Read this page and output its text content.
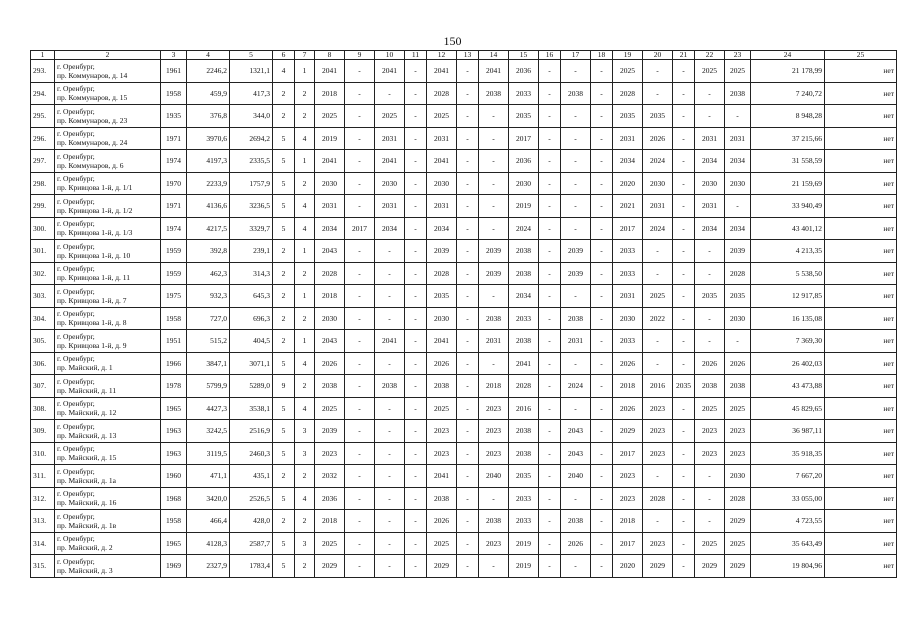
150
1	2	3	4	5	6	7	8	9	10	11	12	13	14	15	16	17	18	19	20	21	22	23	24	25
293.	г. Оренбург,
пр. Коммунаров, д. 14	1961	2246,2	1321,1	4	1	2041	-	2041	-	2041	-	2041	2036	-	-	-	2025	-	-	2025	2025	21 178,99	нет
294.	г. Оренбург,
пр. Коммунаров, д. 15	1958	459,9	417,3	2	2	2018	-	-	-	2028	-	2038	2033	-	2038	-	2028	-	-	-	2038	7 240,72	нет
295.	г. Оренбург,
пр. Коммунаров, д. 23	1935	376,8	344,0	2	2	2025	-	2025	-	2025	-	-	2035	-	-	-	2035	2035	-	-	-	8 948,28	нет
296.	г. Оренбург,
пр. Коммунаров, д. 24	1971	3970,6	2694,2	5	4	2019	-	2031	-	2031	-	-	2017	-	-	-	2031	2026	-	2031	2031	37 215,66	нет
297.	г. Оренбург,
пр. Коммунаров, д. 6	1974	4197,3	2335,5	5	1	2041	-	2041	-	2041	-	-	2036	-	-	-	2034	2024	-	2034	2034	31 558,59	нет
298.	г. Оренбург,
пр. Кривцова 1-й, д. 1/1	1970	2233,9	1757,9	5	2	2030	-	2030	-	2030	-	-	2030	-	-	-	2020	2030	-	2030	2030	21 159,69	нет
299.	г. Оренбург,
пр. Кривцова 1-й, д. 1/2	1971	4136,6	3236,5	5	4	2031	-	2031	-	2031	-	-	2019	-	-	-	2021	2031	-	2031	-	33 940,49	нет
300.	г. Оренбург,
пр. Кривцова 1-й, д. 1/3	1974	4217,5	3329,7	5	4	2034	2017	2034	-	2034	-	-	2024	-	-	-	2017	2024	-	2034	2034	43 401,12	нет
301.	г. Оренбург,
пр. Кривцова 1-й, д. 10	1959	392,8	239,1	2	1	2043	-	-	-	2039	-	2039	2038	-	2039	-	2033	-	-	-	2039	4 213,35	нет
302.	г. Оренбург,
пр. Кривцова 1-й, д. 11	1959	462,3	314,3	2	2	2028	-	-	-	2028	-	2039	2038	-	2039	-	2033	-	-	-	2028	5 538,50	нет
303.	г. Оренбург,
пр. Кривцова 1-й, д. 7	1975	932,3	645,3	2	1	2018	-	-	-	2035	-	-	2034	-	-	-	2031	2025	-	2035	2035	12 917,85	нет
304.	г. Оренбург,
пр. Кривцова 1-й, д. 8	1958	727,0	696,3	2	2	2030	-	-	-	2030	-	2038	2033	-	2038	-	2030	2022	-	-	2030	16 135,08	нет
305.	г. Оренбург,
пр. Кривцова 1-й, д. 9	1951	515,2	404,5	2	1	2043	-	2041	-	2041	-	2031	2038	-	2031	-	2033	-	-	-	-	7 369,30	нет
306.	г. Оренбург,
пр. Майский, д. 1	1966	3847,1	3071,1	5	4	2026	-	-	-	2026	-	-	2041	-	-	-	2026	-	-	2026	2026	26 402,03	нет
307.	г. Оренбург,
пр. Майский, д. 11	1978	5799,9	5289,0	9	2	2038	-	2038	-	2038	-	2018	2028	-	2024	-	2018	2016	2035	2038	2038	43 473,88	нет
308.	г. Оренбург,
пр. Майский, д. 12	1965	4427,3	3538,1	5	4	2025	-	-	-	2025	-	2023	2016	-	-	-	2026	2023	-	2025	2025	45 829,65	нет
309.	г. Оренбург,
пр. Майский, д. 13	1963	3242,5	2516,9	5	3	2039	-	-	-	2023	-	2023	2038	-	2043	-	2029	2023	-	2023	2023	36 987,11	нет
310.	г. Оренбург,
пр. Майский, д. 15	1963	3119,5	2460,3	5	3	2023	-	-	-	2023	-	2023	2038	-	2043	-	2017	2023	-	2023	2023	35 918,35	нет
311.	г. Оренбург,
пр. Майский, д. 1а	1960	471,1	435,1	2	2	2032	-	-	-	2041	-	2040	2035	-	2040	-	2023	-	-	-	2030	7 667,20	нет
312.	г. Оренбург,
пр. Майский, д. 16	1968	3420,0	2526,5	5	4	2036	-	-	-	2038	-	-	2033	-	-	-	2023	2028	-	-	2028	33 055,00	нет
313.	г. Оренбург,
пр. Майский, д. 1в	1958	466,4	428,0	2	2	2018	-	-	-	2026	-	2038	2033	-	2038	-	2018	-	-	-	2029	4 723,55	нет
314.	г. Оренбург,
пр. Майский, д. 2	1965	4128,3	2587,7	5	3	2025	-	-	-	2025	-	2023	2019	-	2026	-	2017	2023	-	2025	2025	35 643,49	нет
315.	г. Оренбург,
пр. Майский, д. 3	1969	2327,9	1783,4	5	2	2029	-	-	-	2029	-	-	2019	-	-	-	2020	2029	-	2029	2029	19 804,96	нет
